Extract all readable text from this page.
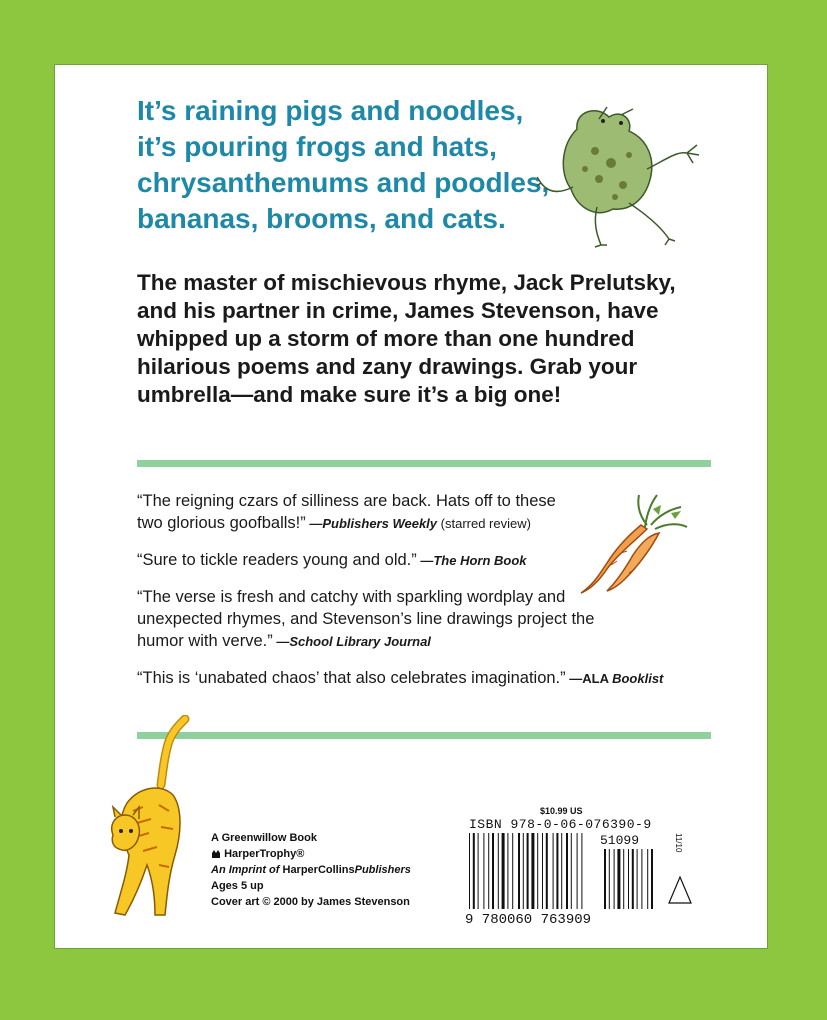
It’s raining pigs and noodles,
it’s pouring frogs and hats,
chrysanthemums and poodles,
bananas, brooms, and cats.
The master of mischievous rhyme, Jack Prelutsky,
and his partner in crime, James Stevenson, have
whipped up a storm of more than one hundred
hilarious poems and zany drawings. Grab your
umbrella—and make sure it’s a big one!
“The reigning czars of silliness are back. Hats off to these
two glorious goofballs!” —Publishers Weekly (starred review)
“Sure to tickle readers young and old.” —The Horn Book
“The verse is fresh and catchy with sparkling wordplay and
unexpected rhymes, and Stevenson’s line drawings project the
humor with verve.” —School Library Journal
“This is ‘unabated chaos’ that also celebrates imagination.” —ALA Booklist
A Greenwillow Book
HarperTrophy®
An Imprint of HarperCollinsPublishers
Ages 5 up
Cover art © 2000 by James Stevenson
$10.99 US
ISBN 978-0-06-076390-9
51099
9 780060 763909
11/10
